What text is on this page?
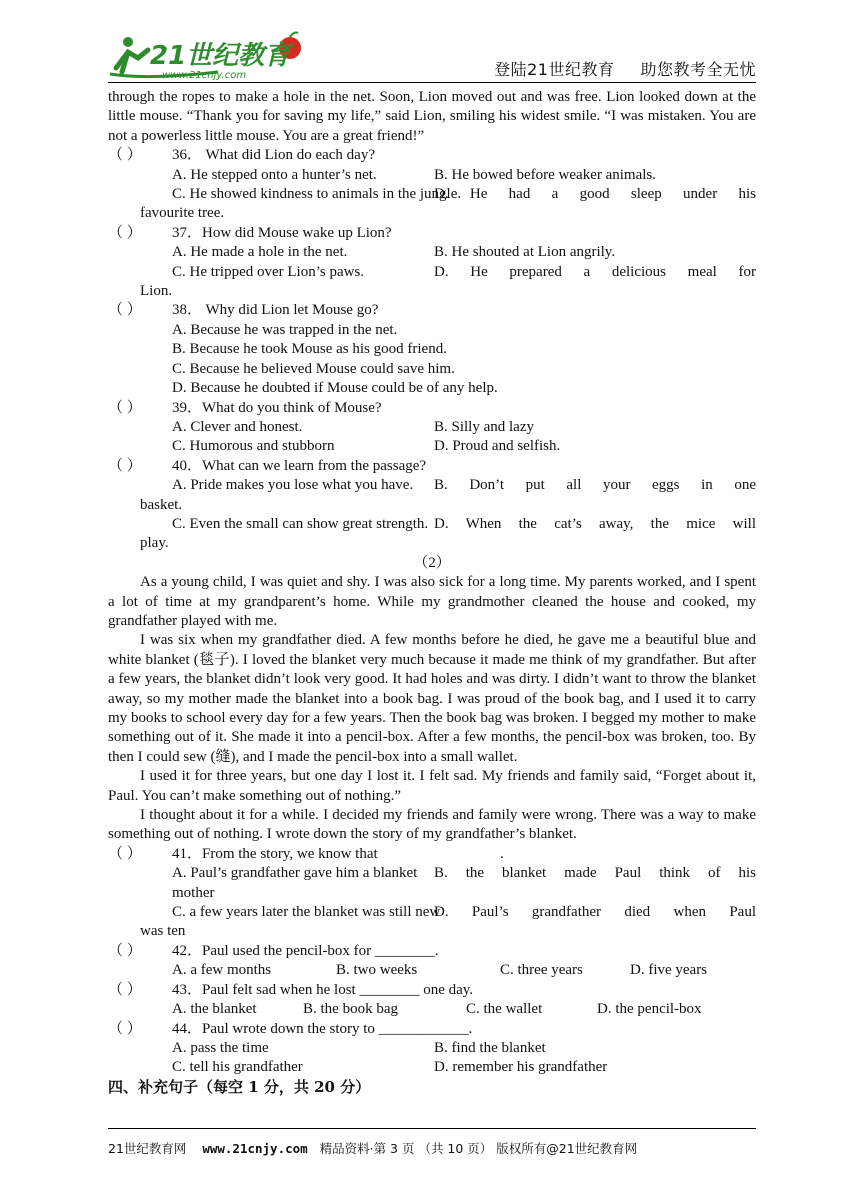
21世纪教育
www.21cnjy.com	登陆21世纪教育 助您教考全无忧

through the ropes to make a hole in the net. Soon, Lion moved out and was free. Lion looked down at the little mouse. “Thank you for saving my life,” said Lion, smiling his widest smile. “I was mistaken. You are not a powerless little mouse. You are a great friend!”

（ ） 36． What did Lion do each day?

A. He stepped onto a hunter’s net.	B. He bowed before weaker animals.
C. He showed kindness to animals in the jungle.
D. He had a good sleep under his

favourite tree.

（ ） 37．How did Mouse wake up Lion?

A. He made a hole in the net.	B. He shouted at Lion angrily.
C. He tripped over Lion’s paws.	D. He prepared a delicious meal for

Lion.

（ ） 38． Why did Lion let Mouse go?

A. Because he was trapped in the net.

B. Because he took Mouse as his good friend.

C. Because he believed Mouse could save him.

D. Because he doubted if Mouse could be of any help.

（ ） 39．What do you think of Mouse?

A. Clever and honest.	B. Silly and lazy
C. Humorous and stubborn	D. Proud and selfish.

（ ） 40．What can we learn from the passage?

A. Pride makes you lose what you have.	B. Don’t put all your eggs in one

basket.

C. Even the small can show great strength. D. When the cat’s away, the mice will

play.

（2）

As a young child, I was quiet and shy. I was also sick for a long time. My parents worked, and I spent a lot of time at my grandparent’s home. While my grandmother cleaned the house and cooked, my grandfather played with me.

I was six when my grandfather died. A few months before he died, he gave me a beautiful blue and white blanket (毯子). I loved the blanket very much because it made me think of my grandfather. But after a few years, the blanket didn’t look very good. It had holes and was dirty. I didn’t want to throw the blanket away, so my mother made the blanket into a book bag. I was proud of the book bag, and I used it to carry my books to school every day for a few years. Then the book bag was broken. I begged my mother to make something out of it. She made it into a pencil-box. After a few months, the pencil-box was broken, too. By then I could sew (缝), and I made the pencil-box into a small wallet.

I used it for three years, but one day I lost it. I felt sad. My friends and family said, “Forget about it, Paul. You can’t make something out of nothing.”

I thought about it for a while. I decided my friends and family were wrong. There was a way to make something out of nothing. I wrote down the story of my grandfather’s blanket.

（ ） 41．From the story, we know that	.

A. Paul’s grandfather gave him a blanket	B. the blanket made Paul think of his

mother

C. a few years later the blanket was still new
D. Paul’s grandfather died when Paul

was ten

（ ） 42．Paul used the pencil-box for ________.

A. a few months	B. two weeks	C. three years	D. five years

（ ） 43．Paul felt sad when he lost ________ one day.

A. the blanket	B. the book bag	C. the wallet	D. the pencil-box

（ ） 44．Paul wrote down the story to ____________.

A. pass the time	B. find the blanket
C. tell his grandfather	D. remember his grandfather

四、补充句子（每空 1 分，共 20 分）

21世纪教育网 www.21cnjy.com 精品资料·第 3 页 （共 10 页） 版权所有@21世纪教育网
